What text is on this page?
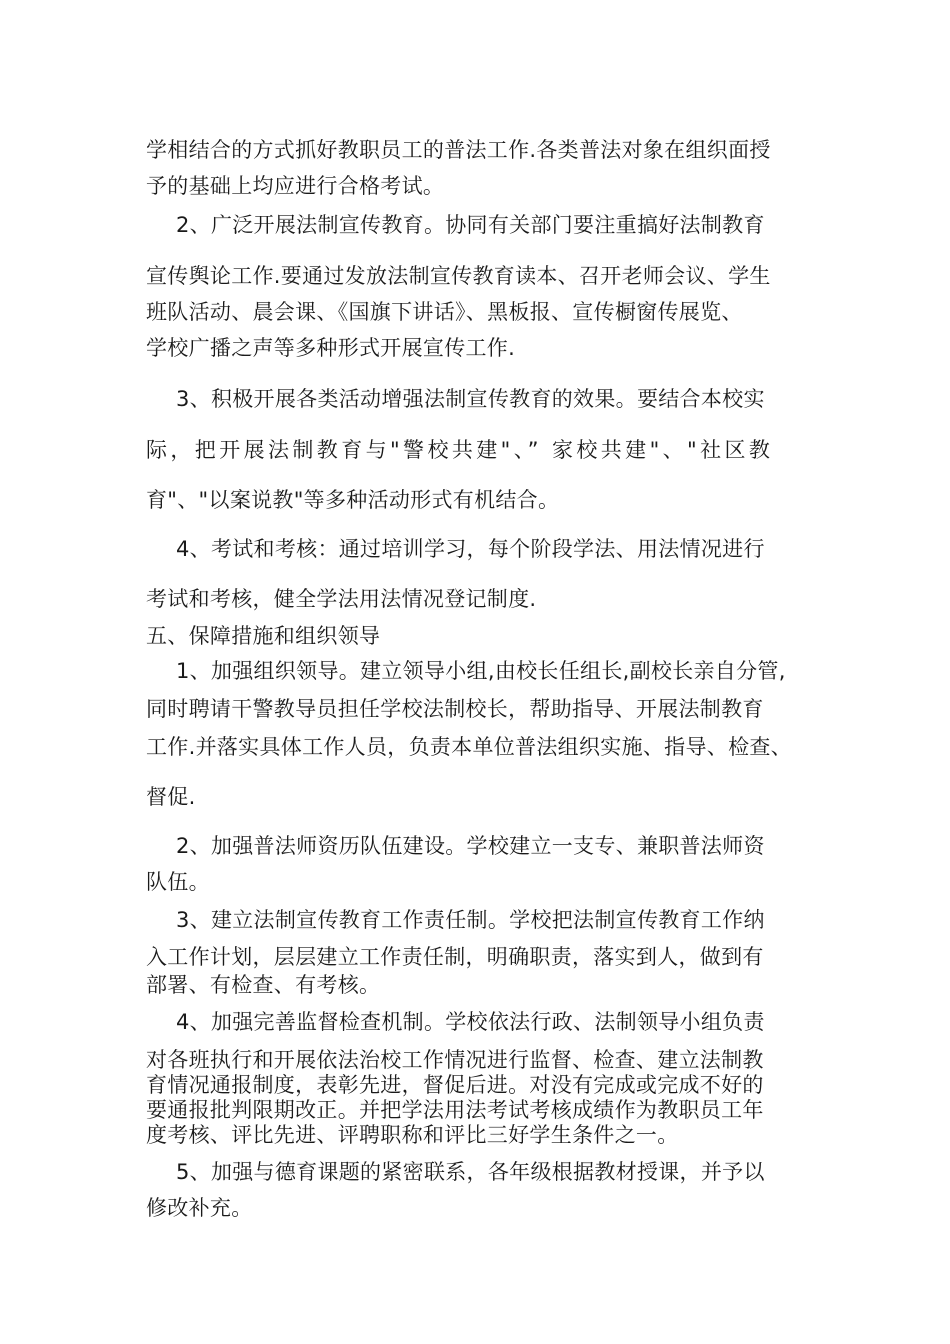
学相结合的方式抓好教职员工的普法工作.各类普法对象在组织面授
予的基础上均应进行合格考试。
2、广泛开展法制宣传教育。协同有关部门要注重搞好法制教育
宣传舆论工作.要通过发放法制宣传教育读本、召开老师会议、学生
班队活动、晨会课、《国旗下讲话》、黑板报、宣传橱窗传展览、
学校广播之声等多种形式开展宣传工作.
3、积极开展各类活动增强法制宣传教育的效果。要结合本校实
际，把开展法制教育与"警校共建"、” 家校共建"、"社区教
育"、"以案说教"等多种活动形式有机结合。
4、考试和考核：通过培训学习，每个阶段学法、用法情况进行
考试和考核，健全学法用法情况登记制度.
五、保障措施和组织领导
1、加强组织领导。建立领导小组,由校长任组长,副校长亲自分管,
同时聘请干警教导员担任学校法制校长，帮助指导、开展法制教育
工作.并落实具体工作人员，负责本单位普法组织实施、指导、检查、
督促.
2、加强普法师资历队伍建设。学校建立一支专、兼职普法师资
队伍。
3、建立法制宣传教育工作责任制。学校把法制宣传教育工作纳
入工作计划，层层建立工作责任制，明确职责，落实到人，做到有
部署、有检查、有考核。
4、加强完善监督检查机制。学校依法行政、法制领导小组负责
对各班执行和开展依法治校工作情况进行监督、检查、建立法制教
育情况通报制度，表彰先进，督促后进。对没有完成或完成不好的
要通报批判限期改正。并把学法用法考试考核成绩作为教职员工年
度考核、评比先进、评聘职称和评比三好学生条件之一。
5、加强与德育课题的紧密联系，各年级根据教材授课，并予以
修改补充。
